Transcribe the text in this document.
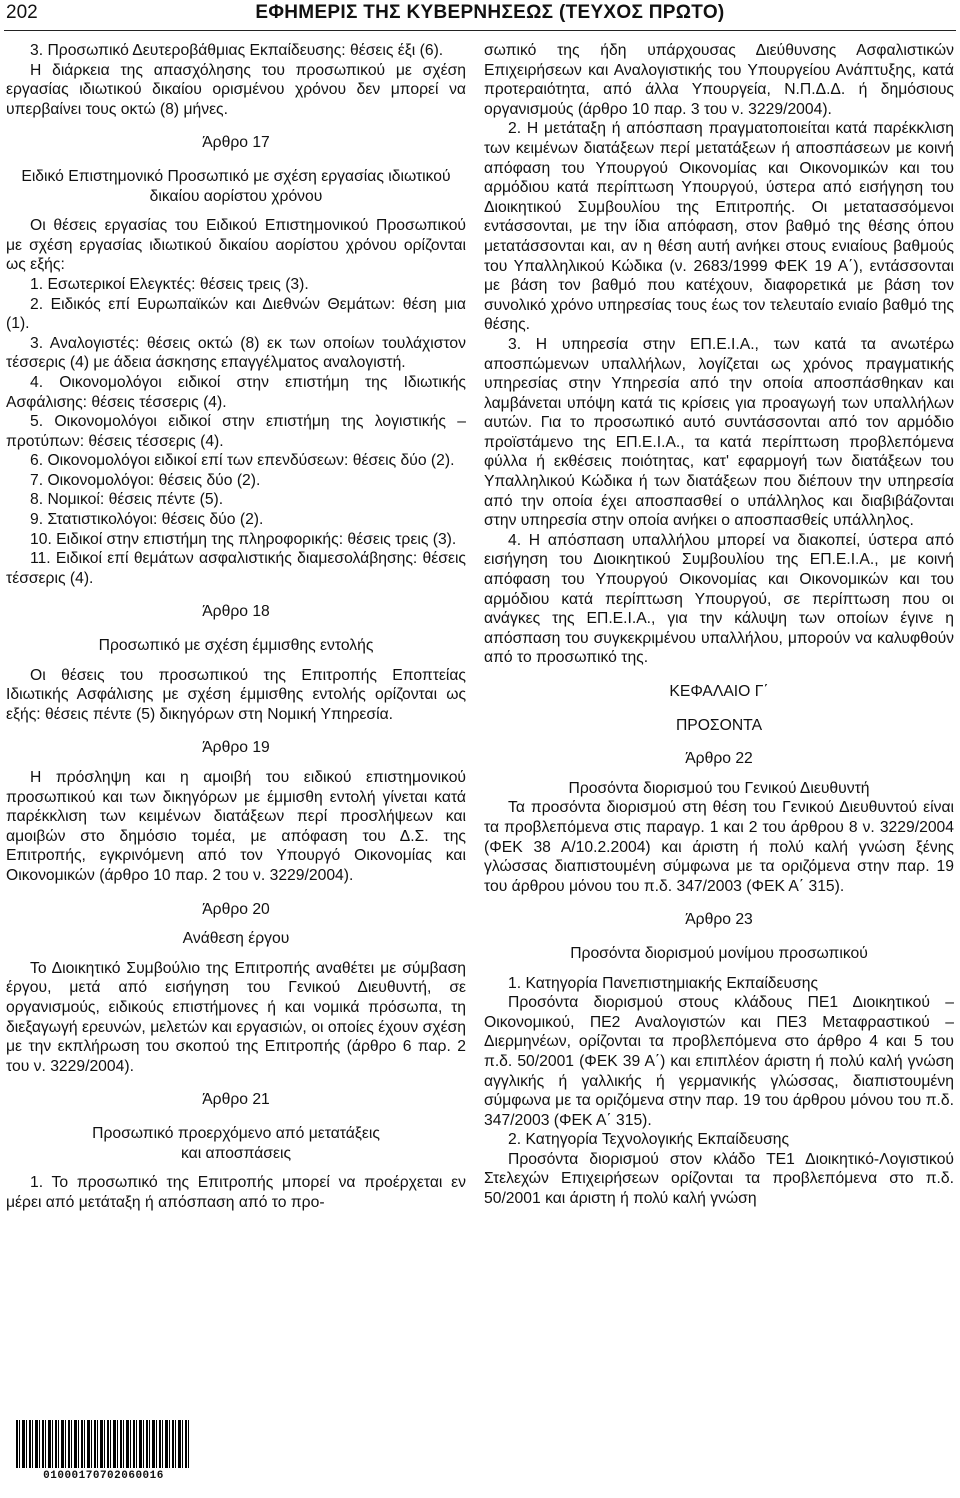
202	ΕΦΗΜΕΡΙΣ ΤΗΣ ΚΥΒΕΡΝΗΣΕΩΣ (ΤΕΥΧΟΣ ΠΡΩΤΟ)

3. Προσωπικό Δευτεροβάθμιας Εκπαίδευσης: θέσεις έξι (6).

Η διάρκεια της απασχόλησης του προσωπικού με σχέση εργασίας ιδιωτικού δικαίου ορισμένου χρόνου δεν μπορεί να υπερβαίνει τους οκτώ (8) μήνες.

Άρθρο 17
Ειδικό Επιστημονικό Προσωπικό με σχέση εργασίας ιδιωτικού δικαίου αορίστου χρόνου

Οι θέσεις εργασίας του Ειδικού Επιστημονικού Προσωπικού με σχέση εργασίας ιδιωτικού δικαίου αορίστου χρόνου ορίζονται ως εξής:

1. Εσωτερικοί Ελεγκτές: θέσεις τρεις (3).

2. Ειδικός επί Ευρωπαϊκών και Διεθνών Θεμάτων: θέση μια (1).

3. Αναλογιστές: θέσεις οκτώ (8) εκ των οποίων τουλάχιστον τέσσερις (4) με άδεια άσκησης επαγγέλματος αναλογιστή.

4. Οικονομολόγοι ειδικοί στην επιστήμη της Ιδιωτικής Ασφάλισης: θέσεις τέσσερις (4).

5. Οικονομολόγοι ειδικοί στην επιστήμη της λογιστικής – προτύπων: θέσεις τέσσερις (4).

6. Οικονομολόγοι ειδικοί επί των επενδύσεων: θέσεις δύο (2).

7. Οικονομολόγοι: θέσεις δύο (2).

8. Νομικοί: θέσεις πέντε (5).

9. Στατιστικολόγοι: θέσεις δύο (2).

10. Ειδικοί στην επιστήμη της πληροφορικής: θέσεις τρεις (3).

11. Ειδικοί επί θεμάτων ασφαλιστικής διαμεσολάβησης: θέσεις τέσσερις (4).

Άρθρο 18
Προσωπικό με σχέση έμμισθης εντολής

Οι θέσεις του προσωπικού της Επιτροπής Εποπτείας Ιδιωτικής Ασφάλισης με σχέση έμμισθης εντολής ορίζονται ως εξής: θέσεις πέντε (5) δικηγόρων στη Νομική Υπηρεσία.

Άρθρο 19

Η πρόσληψη και η αμοιβή του ειδικού επιστημονικού προσωπικού και των δικηγόρων με έμμισθη εντολή γίνεται κατά παρέκκλιση των κειμένων διατάξεων περί προσλήψεων και αμοιβών στο δημόσιο τομέα, με απόφαση του Δ.Σ. της Επιτροπής, εγκρινόμενη από τον Υπουργό Οικονομίας και Οικονομικών (άρθρο 10 παρ. 2 του ν. 3229/2004).

Άρθρο 20
Ανάθεση έργου

Το Διοικητικό Συμβούλιο της Επιτροπής αναθέτει με σύμβαση έργου, μετά από εισήγηση του Γενικού Διευθυντή, σε οργανισμούς, ειδικούς επιστήμονες ή και νομικά πρόσωπα, τη διεξαγωγή ερευνών, μελετών και εργασιών, οι οποίες έχουν σχέση με την εκπλήρωση του σκοπού της Επιτροπής (άρθρο 6 παρ. 2 του ν. 3229/2004).

Άρθρο 21
Προσωπικό προερχόμενο από μετατάξεις
και αποσπάσεις

1. Το προσωπικό της Επιτροπής μπορεί να προέρχεται εν μέρει από μετάταξη ή απόσπαση από το προ-

σωπικό της ήδη υπάρχουσας Διεύθυνσης Ασφαλιστικών Επιχειρήσεων και Αναλογιστικής του Υπουργείου Ανάπτυξης, κατά προτεραιότητα, από άλλα Υπουργεία, Ν.Π.Δ.Δ. ή δημόσιους οργανισμούς (άρθρο 10 παρ. 3 του ν. 3229/2004).

2. Η μετάταξη ή απόσπαση πραγματοποιείται κατά παρέκκλιση των κειμένων διατάξεων περί μετατάξεων ή αποσπάσεων με κοινή απόφαση του Υπουργού Οικονομίας και Οικονομικών και του αρμόδιου κατά περίπτωση Υπουργού, ύστερα από εισήγηση του Διοικητικού Συμβουλίου της Επιτροπής. Οι μετατασσόμενοι εντάσσονται, με την ίδια απόφαση, στον βαθμό της θέσης όπου μετατάσσονται και, αν η θέση αυτή ανήκει στους ενιαίους βαθμούς του Υπαλληλικού Κώδικα (ν. 2683/1999 ΦΕΚ 19 Α΄), εντάσσονται με βάση τον βαθμό που κατέχουν, διαφορετικά με βάση τον συνολικό χρόνο υπηρεσίας τους έως τον τελευταίο ενιαίο βαθμό της θέσης.

3. Η υπηρεσία στην ΕΠ.Ε.Ι.Α., των κατά τα ανωτέρω αποσπώμενων υπαλλήλων, λογίζεται ως χρόνος πραγματικής υπηρεσίας στην Υπηρεσία από την οποία αποσπάσθηκαν και λαμβάνεται υπόψη κατά τις κρίσεις για προαγωγή των υπαλλήλων αυτών. Για το προσωπικό αυτό συντάσσονται από τον αρμόδιο προϊστάμενο της ΕΠ.Ε.Ι.Α., τα κατά περίπτωση προβλεπόμενα φύλλα ή εκθέσεις ποιότητας, κατ' εφαρμογή των διατάξεων του Υπαλληλικού Κώδικα ή των διατάξεων που διέπουν την υπηρεσία από την οποία έχει αποσπασθεί ο υπάλληλος και διαβιβάζονται στην υπηρεσία στην οποία ανήκει ο αποσπασθείς υπάλληλος.

4. Η απόσπαση υπαλλήλου μπορεί να διακοπεί, ύστερα από εισήγηση του Διοικητικού Συμβουλίου της ΕΠ.Ε.Ι.Α., με κοινή απόφαση του Υπουργού Οικονομίας και Οικονομικών και του αρμόδιου κατά περίπτωση Υπουργού, σε περίπτωση που οι ανάγκες της ΕΠ.Ε.Ι.Α., για την κάλυψη των οποίων έγινε η απόσπαση του συγκεκριμένου υπαλλήλου, μπορούν να καλυφθούν από το προσωπικό της.

ΚΕΦΑΛΑΙΟ Γ΄
ΠΡΟΣΟΝΤΑ
Άρθρο 22
Προσόντα διορισμού του Γενικού Διευθυντή

Τα προσόντα διορισμού στη θέση του Γενικού Διευθυντού είναι τα προβλεπόμενα στις παραγρ. 1 και 2 του άρθρου 8 ν. 3229/2004 (ΦΕΚ 38 Α/10.2.2004) και άριστη ή πολύ καλή γνώση ξένης γλώσσας διαπιστουμένη σύμφωνα με τα οριζόμενα στην παρ. 19 του άρθρου μόνου του π.δ. 347/2003 (ΦΕΚ Α΄ 315).

Άρθρο 23
Προσόντα διορισμού μονίμου προσωπικού

1. Κατηγορία Πανεπιστημιακής Εκπαίδευσης

Προσόντα διορισμού στους κλάδους ΠΕ1 Διοικητικού – Οικονομικού, ΠΕ2 Αναλογιστών και ΠΕ3 Μεταφραστικού – Διερμηνέων, ορίζονται τα προβλεπόμενα στο άρθρο 4 και 5 του π.δ. 50/2001 (ΦΕΚ 39 Α΄) και επιπλέον άριστη ή πολύ καλή γνώση αγγλικής ή γαλλικής ή γερμανικής γλώσσας, διαπιστουμένη σύμφωνα με τα οριζόμενα στην παρ. 19 του άρθρου μόνου του π.δ. 347/2003 (ΦΕΚ Α΄ 315).

2. Κατηγορία Τεχνολογικής Εκπαίδευσης

Προσόντα διορισμού στον κλάδο ΤΕ1 Διοικητικό-Λογιστικού Στελεχών Επιχειρήσεων ορίζονται τα προβλεπόμενα στο π.δ. 50/2001 και άριστη ή πολύ καλή γνώση

01000170702060016
